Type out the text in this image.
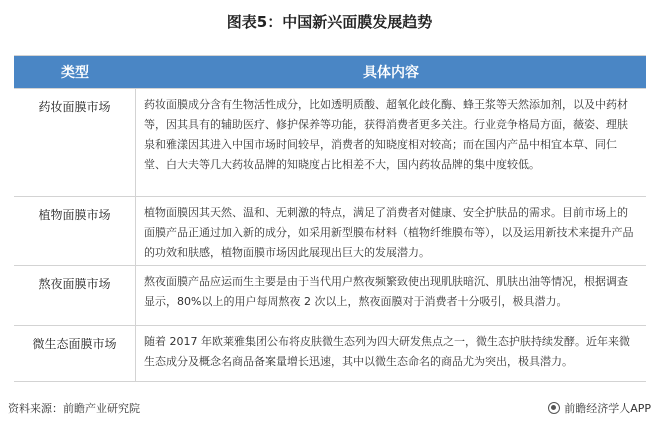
图表5：中国新兴面膜发展趋势
类型	具体内容
药妆面膜市场	药妆面膜成分含有生物活性成分，比如透明质酸、超氧化歧化酶、蜂王浆等天然添加剂，以及中药材等，因其具有的辅助医疗、修护保养等功能，获得消费者更多关注。行业竞争格局方面，薇姿、理肤泉和雅漾因其进入中国市场时间较早，消费者的知晓度相对较高；而在国内产品中相宜本草、同仁堂、白大夫等几大药妆品牌的知晓度占比相差不大，国内药妆品牌的集中度较低。
植物面膜市场	植物面膜因其天然、温和、无刺激的特点，满足了消费者对健康、安全护肤品的需求。目前市场上的面膜产品正通过加入新的成分，如采用新型膜布材料（植物纤维膜布等），以及运用新技术来提升产品的功效和肤感，植物面膜市场因此展现出巨大的发展潜力。
熬夜面膜市场	熬夜面膜产品应运而生主要是由于当代用户熬夜频繁致使出现肌肤暗沉、肌肤出油等情况，根据调查显示，80%以上的用户每周熬夜 2 次以上，熬夜面膜对于消费者十分吸引，极具潜力。
微生态面膜市场	随着 2017 年欧莱雅集团公布将皮肤微生态列为四大研发焦点之一，微生态护肤持续发酵。近年来微生态成分及概念名商品备案量增长迅速，其中以微生态命名的商品尤为突出，极具潜力。
资料来源：前瞻产业研究院	前瞻经济学人APP
